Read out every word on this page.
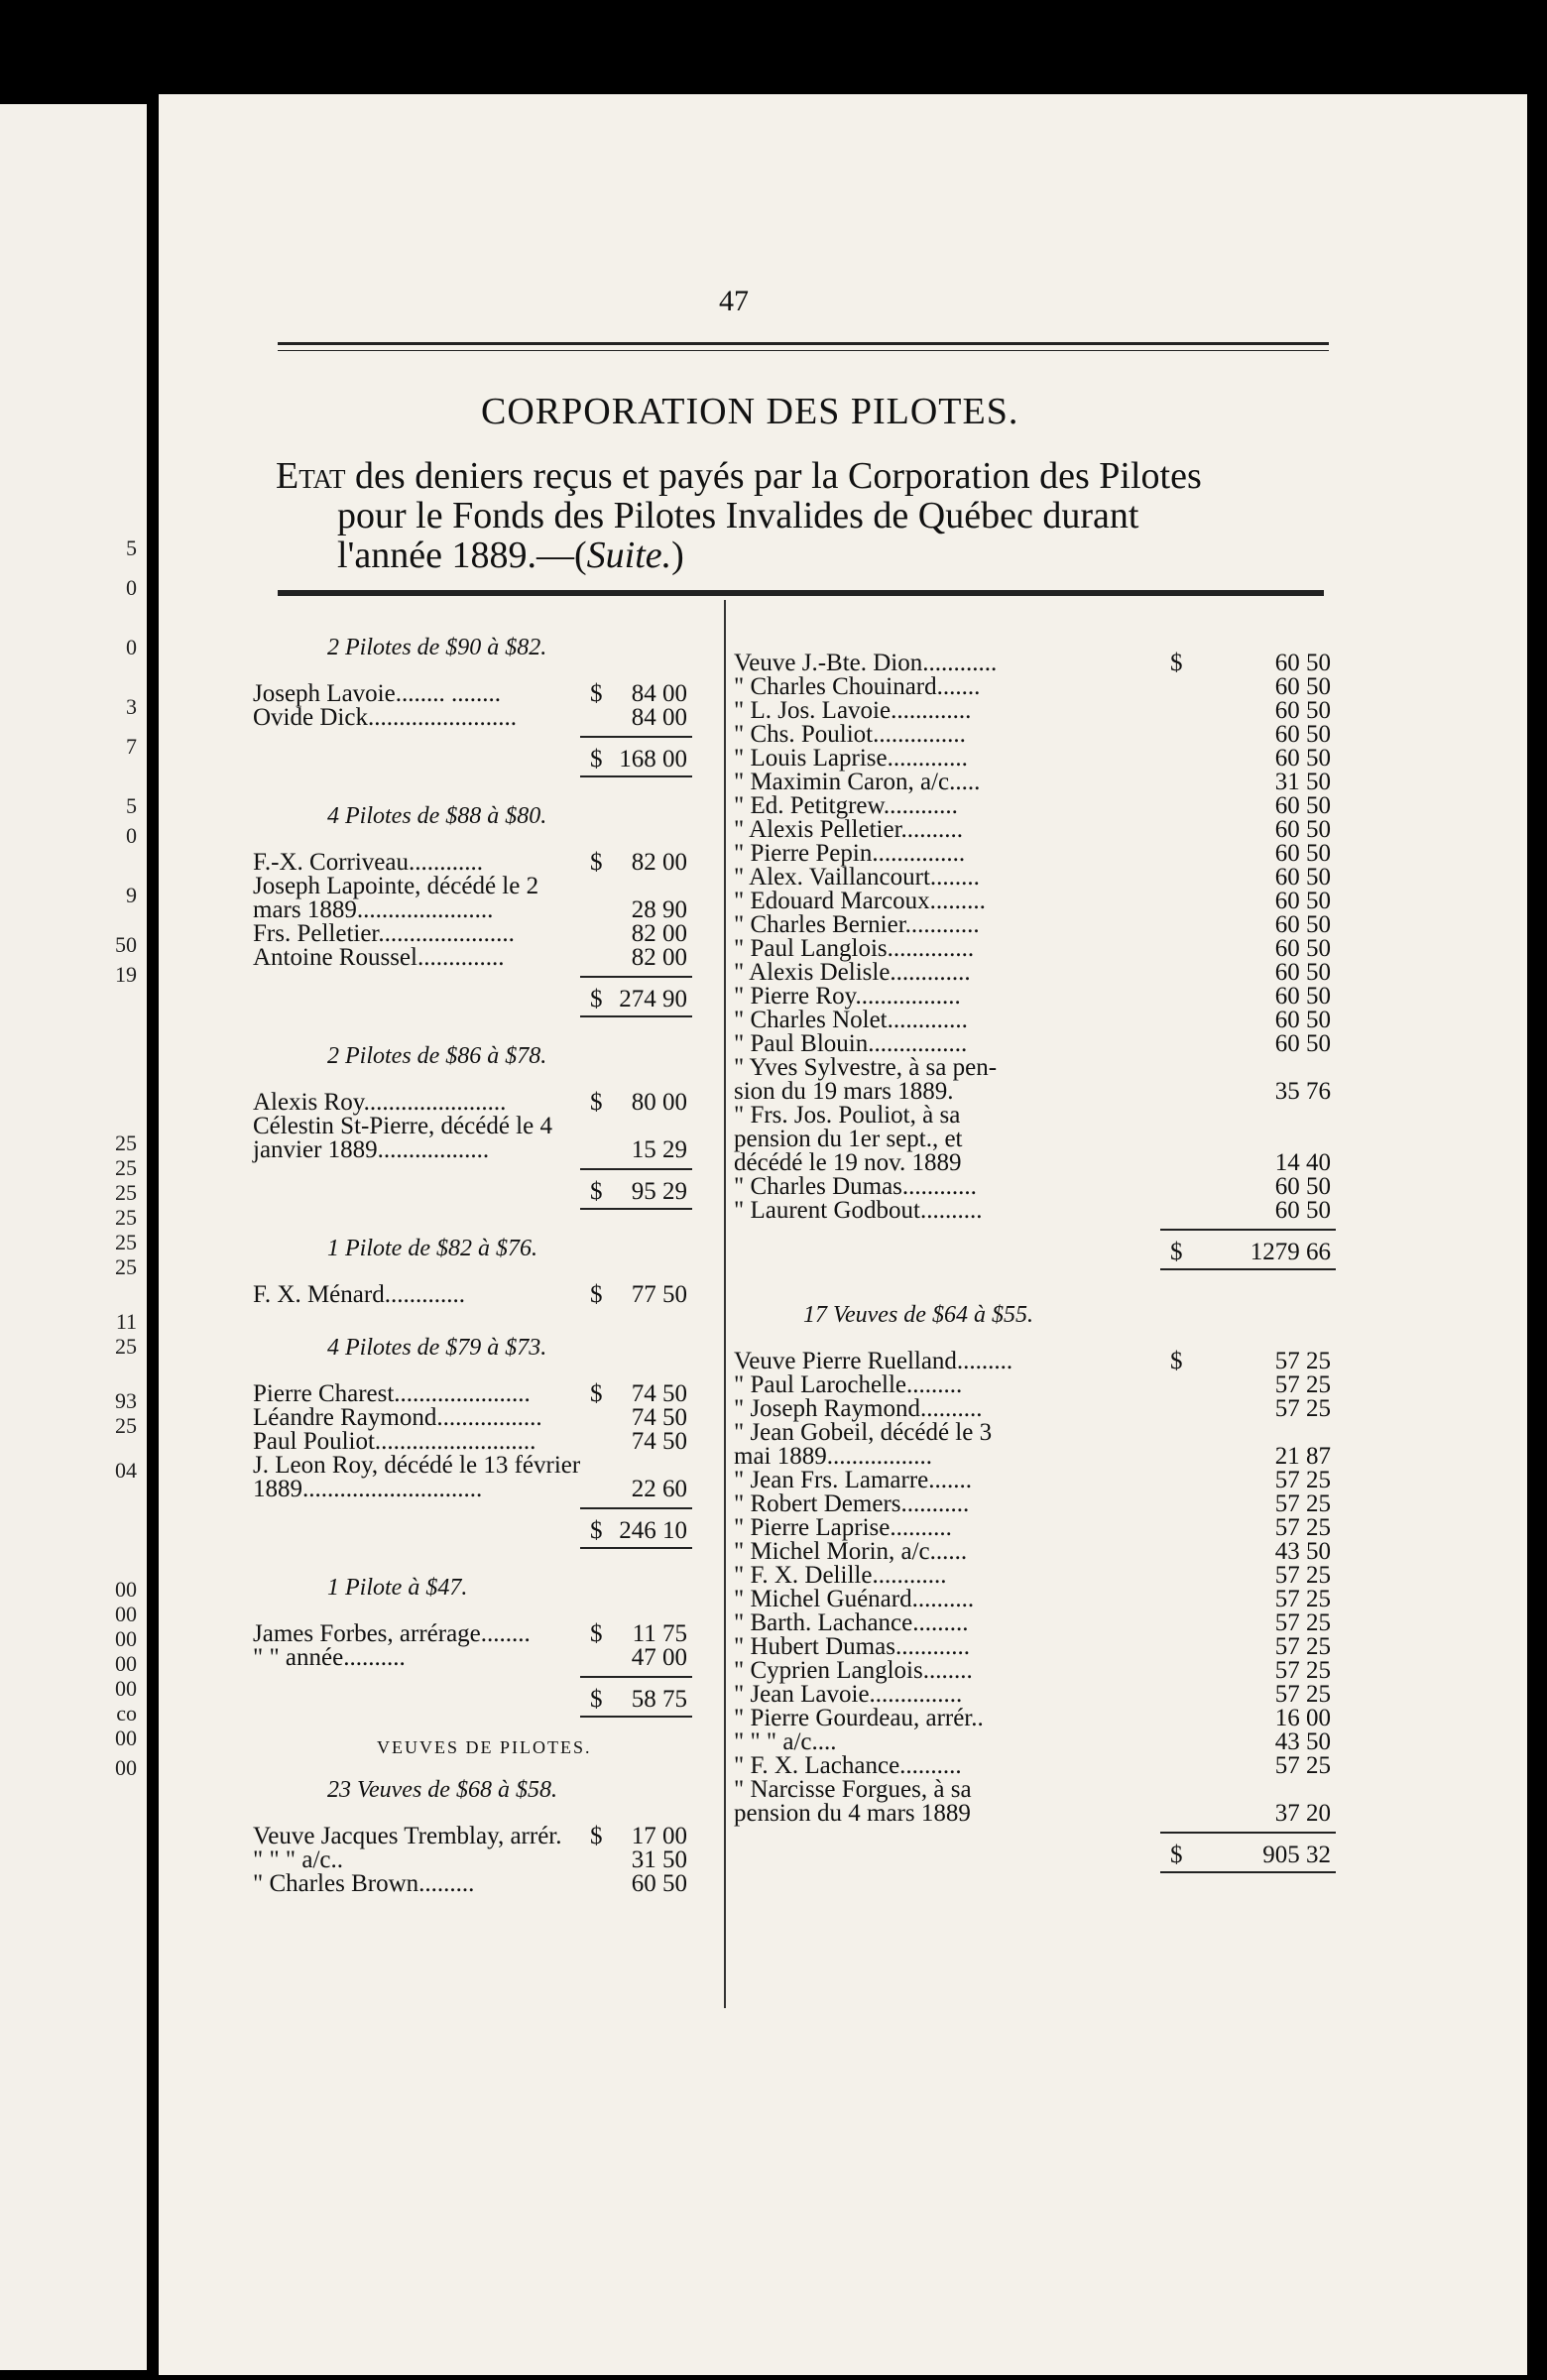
5
0
0
3
7
5
0
9
50
19
25
25
25
25
25
25
11
25
93
25
04
00
00
00
00
00
co
00
00
47
CORPORATION DES PILOTES.
Etat des deniers reçus et payés par la Corporation des Pilotes
pour le Fonds des Pilotes Invalides de Québec durant
l'année 1889.—(Suite.)
2 Pilotes de $90 à $82.
Joseph Lavoie........ ........	$ 84 00
Ovide Dick........................	84 00
$ 168 00
4 Pilotes de $88 à $80.
F.-X. Corriveau............	$ 82 00
Joseph Lapointe, décédé le 2
mars 1889......................	28 90
Frs. Pelletier......................	82 00
Antoine Roussel..............	82 00
$ 274 90
2 Pilotes de $86 à $78.
Alexis Roy.......................	$ 80 00
Célestin St-Pierre, décédé le 4
janvier 1889..................	15 29
$ 95 29
1 Pilote de $82 à $76.
F. X. Ménard.............	$ 77 50
4 Pilotes de $79 à $73.
Pierre Charest...................... $ 74 50
Léandre Raymond.................	74 50
Paul Pouliot..........................	74 50
J. Leon Roy, décédé le 13 février
1889.............................	22 60
$ 246 10
1 Pilote à $47.
James Forbes, arrérage........ $ 11 75
" " année..........	47 00
$ 58 75
VEUVES DE PILOTES.
23 Veuves de $68 à $58.
Veuve Jacques Tremblay, arrér. $ 17 00
" " " a/c..	31 50
" Charles Brown.........	60 50
Veuve J.-Bte. Dion............	$	60 50
" Charles Chouinard.......	60 50
" L. Jos. Lavoie.............	60 50
" Chs. Pouliot...............	60 50
" Louis Laprise.............	60 50
" Maximin Caron, a/c.....	31 50
" Ed. Petitgrew............	60 50
" Alexis Pelletier..........	60 50
" Pierre Pepin...............	60 50
" Alex. Vaillancourt........	60 50
" Edouard Marcoux.........	60 50
" Charles Bernier............	60 50
" Paul Langlois..............	60 50
" Alexis Delisle.............	60 50
" Pierre Roy.................	60 50
" Charles Nolet.............	60 50
" Paul Blouin................	60 50
" Yves Sylvestre, à sa pen-
sion du 19 mars 1889.	35 76
" Frs. Jos. Pouliot, à sa
pension du 1er sept., et
décédé le 19 nov. 1889	14 40
" Charles Dumas............	60 50
" Laurent Godbout..........	60 50
$	1279 66
17 Veuves de $64 à $55.
Veuve Pierre Ruelland.........	$	57 25
" Paul Larochelle.........	57 25
" Joseph Raymond..........	57 25
" Jean Gobeil, décédé le 3
mai 1889.................	21 87
" Jean Frs. Lamarre.......	57 25
" Robert Demers...........	57 25
" Pierre Laprise..........	57 25
" Michel Morin, a/c......	43 50
" F. X. Delille............	57 25
" Michel Guénard..........	57 25
" Barth. Lachance.........	57 25
" Hubert Dumas............	57 25
" Cyprien Langlois........	57 25
" Jean Lavoie...............	57 25
" Pierre Gourdeau, arrér..	16 00
" " " a/c....	43 50
" F. X. Lachance..........	57 25
" Narcisse Forgues, à sa
pension du 4 mars 1889	37 20
$	905 32
